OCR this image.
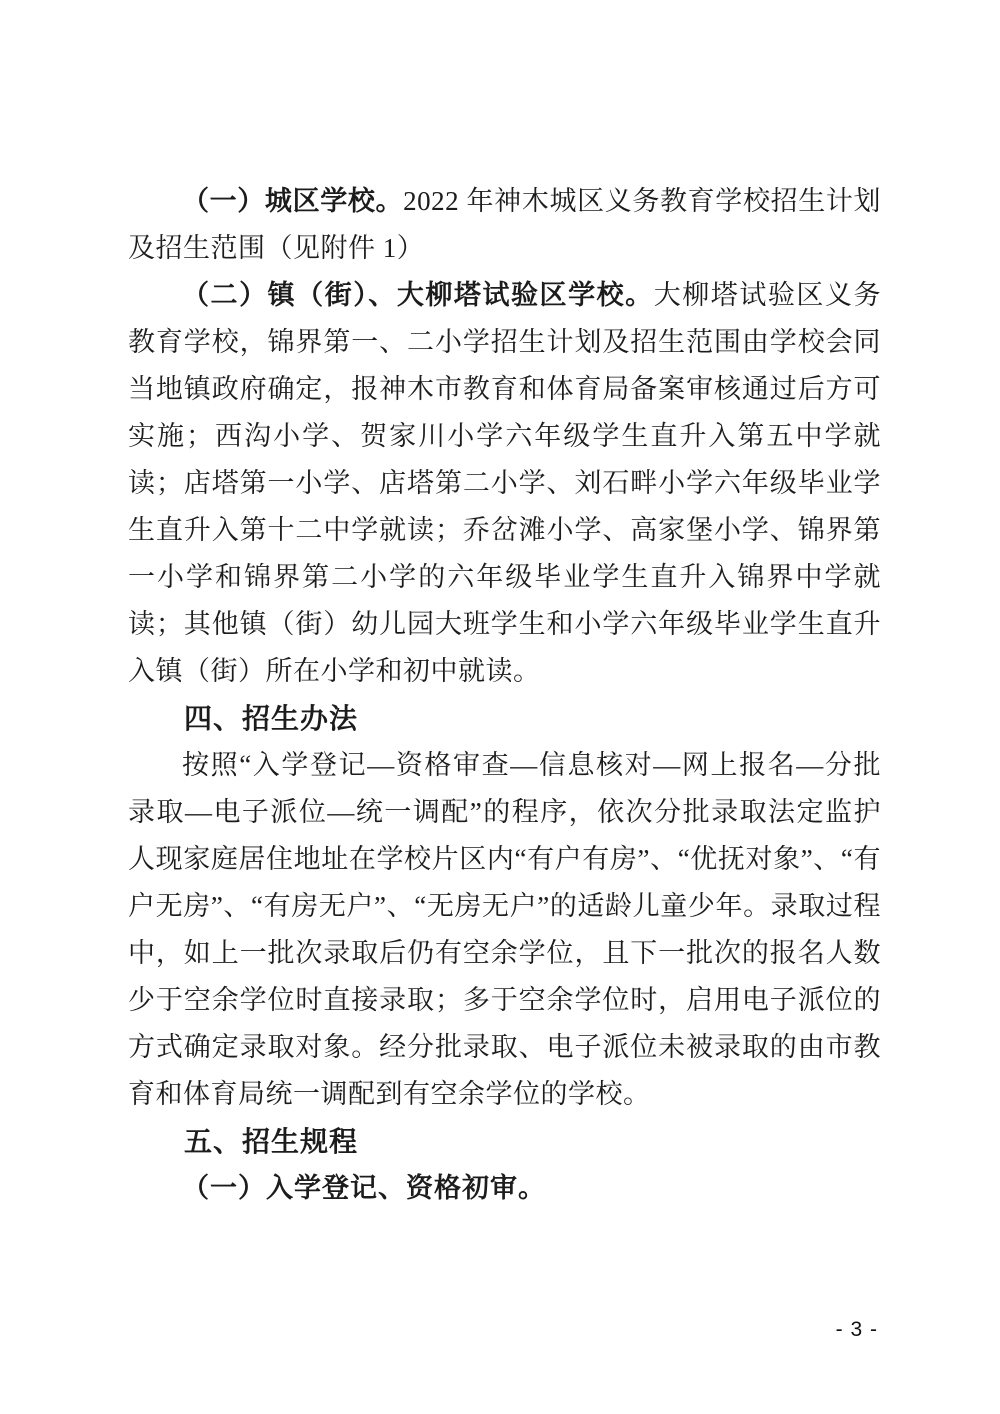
（一）城区学校。2022 年神木城区义务教育学校招生计划及招生范围（见附件 1）

（二）镇（街）、大柳塔试验区学校。大柳塔试验区义务教育学校，锦界第一、二小学招生计划及招生范围由学校会同当地镇政府确定，报神木市教育和体育局备案审核通过后方可实施；西沟小学、贺家川小学六年级学生直升入第五中学就读；店塔第一小学、店塔第二小学、刘石畔小学六年级毕业学生直升入第十二中学就读；乔岔滩小学、高家堡小学、锦界第一小学和锦界第二小学的六年级毕业学生直升入锦界中学就读；其他镇（街）幼儿园大班学生和小学六年级毕业学生直升入镇（街）所在小学和初中就读。

四、招生办法

按照“入学登记—资格审查—信息核对—网上报名—分批录取—电子派位—统一调配”的程序，依次分批录取法定监护人现家庭居住地址在学校片区内“有户有房”、“优抚对象”、“有户无房”、“有房无户”、“无房无户”的适龄儿童少年。录取过程中，如上一批次录取后仍有空余学位，且下一批次的报名人数少于空余学位时直接录取；多于空余学位时，启用电子派位的方式确定录取对象。经分批录取、电子派位未被录取的由市教育和体育局统一调配到有空余学位的学校。

五、招生规程

（一）入学登记、资格初审。

- 3 -
